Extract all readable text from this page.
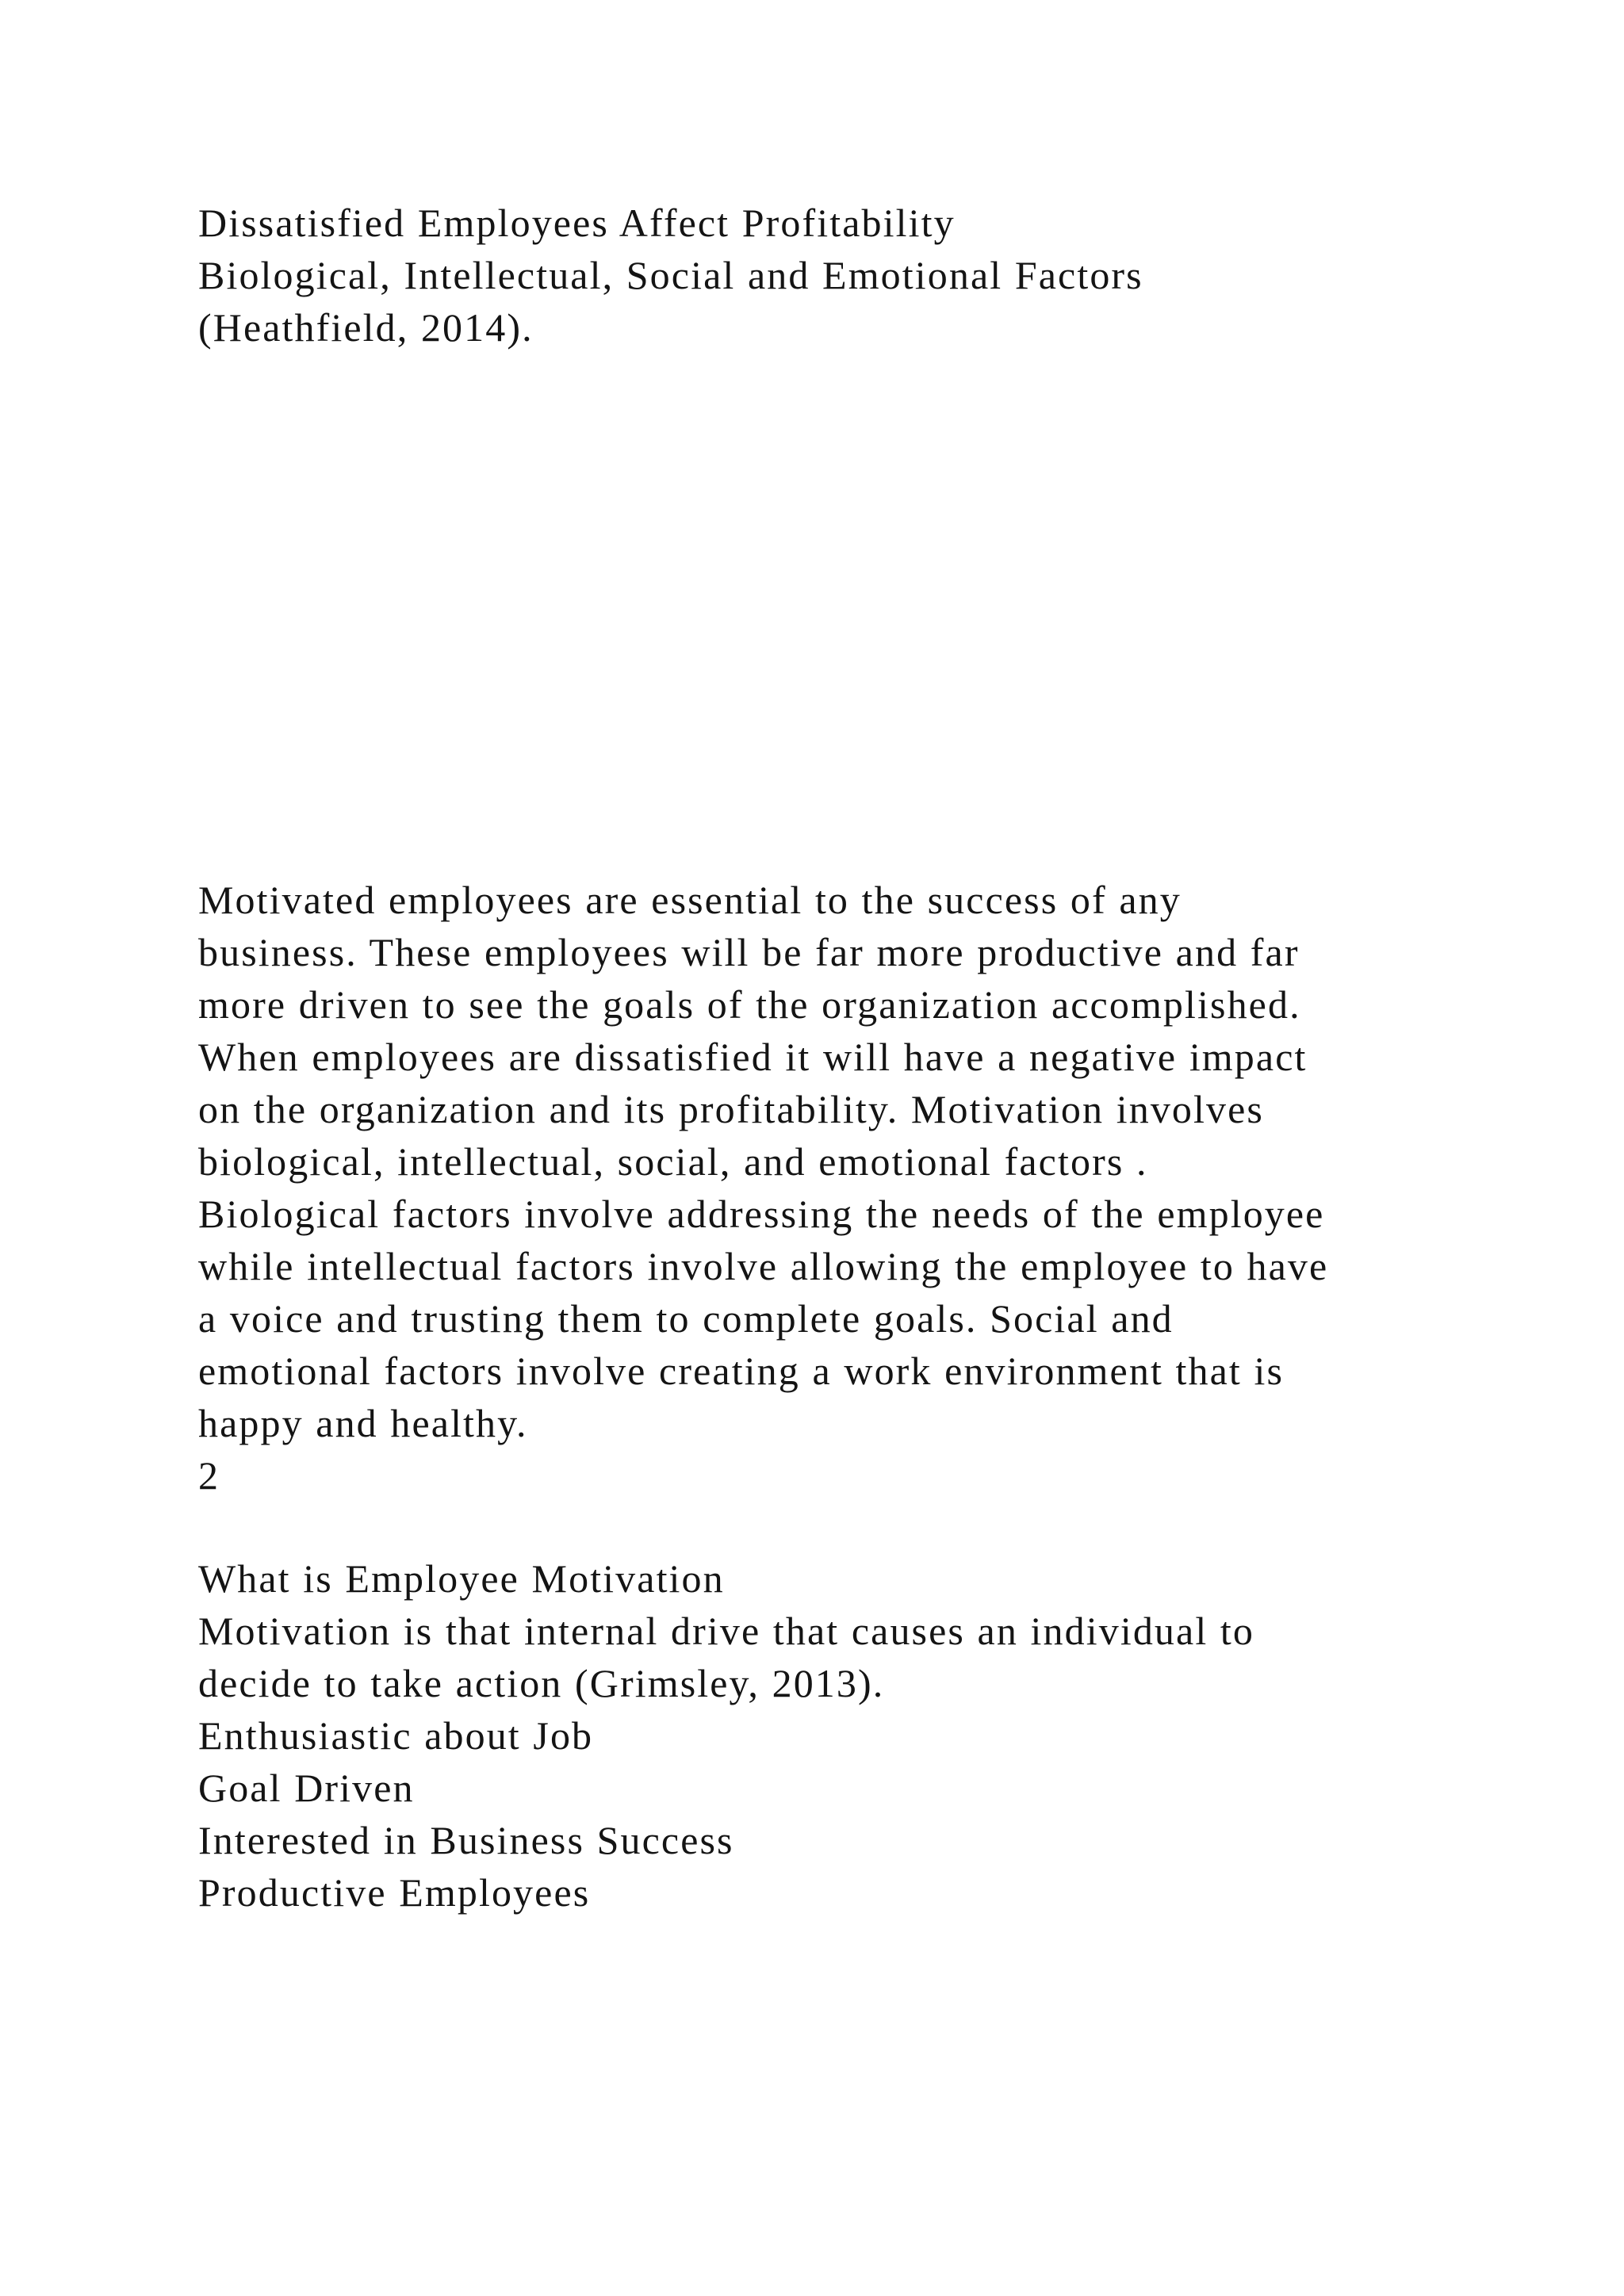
Dissatisfied Employees Affect Profitability
Biological, Intellectual, Social and Emotional Factors
(Heathfield, 2014).
Motivated employees are essential to the success of any
business. These employees will be far more productive and far
more driven to see the goals of the organization accomplished.
When employees are dissatisfied it will have a negative impact
on the organization and its profitability. Motivation involves
biological, intellectual, social, and emotional factors .
Biological factors involve addressing the needs of the employee
while intellectual factors involve allowing the employee to have
a voice and trusting them to complete goals. Social and
emotional factors involve creating a work environment that is
happy and healthy.
2
What is Employee Motivation
Motivation is that internal drive that causes an individual to
decide to take action (Grimsley, 2013).
Enthusiastic about Job
Goal Driven
Interested in Business Success
Productive Employees
